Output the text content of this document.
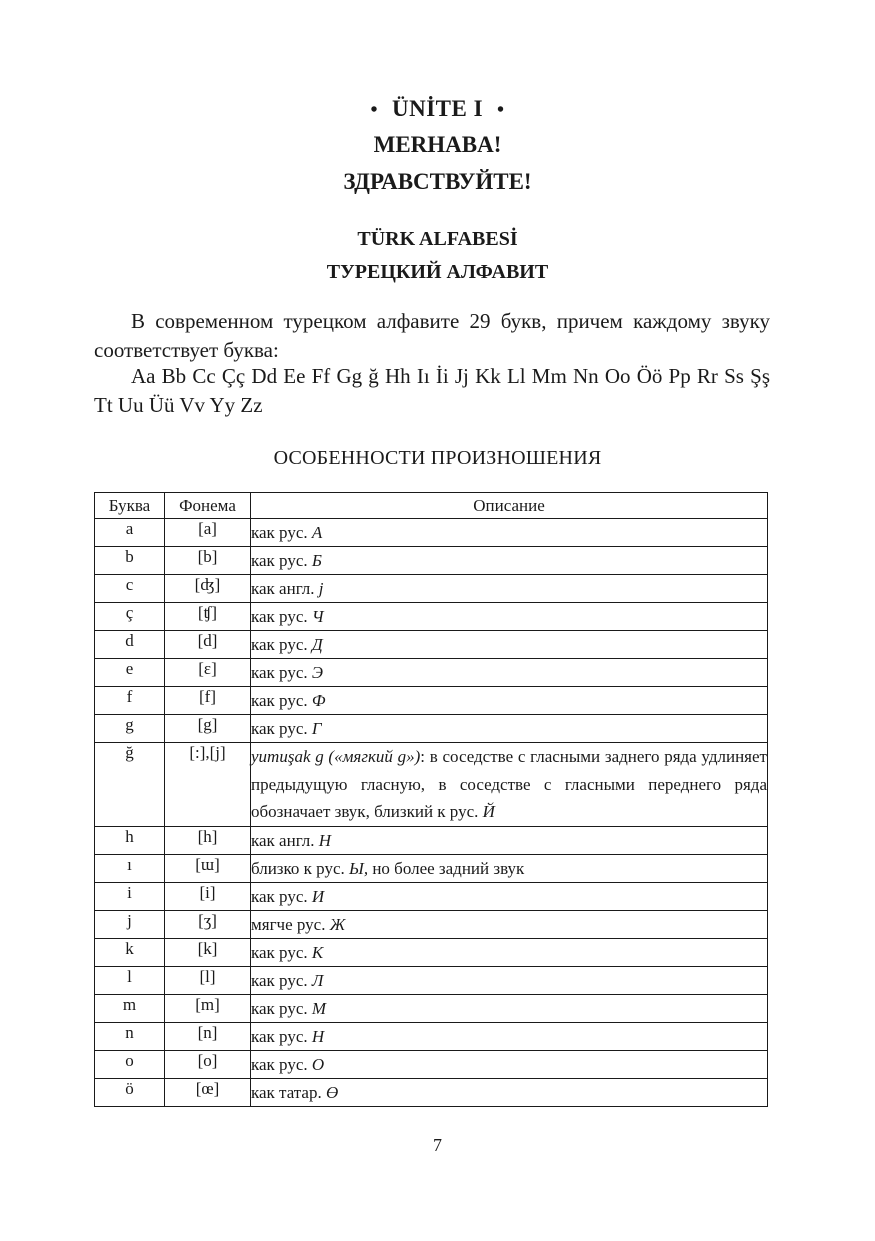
• ÜNİTE I •
MERHABA!
ЗДРАВСТВУЙТЕ!
TÜRK ALFABESİ
ТУРЕЦКИЙ АЛФАВИТ
В современном турецком алфавите 29 букв, причем каждому звуку соответствует буква:
Aa Bb Cc Çç Dd Ee Ff Gg ğ Hh Iı İi Jj Kk Ll Mm Nn Oo Öö Pp Rr Ss Şş Tt Uu Üü Vv Yy Zz
ОСОБЕННОСТИ ПРОИЗНОШЕНИЯ
Буква	Фонема	Описание
a	[a]	как рус. А
b	[b]	как рус. Б
c	[ʤ]	как англ. j
ç	[ʧ]	как рус. Ч
d	[d]	как рус. Д
e	[ɛ]	как рус. Э
f	[f]	как рус. Ф
g	[g]	как рус. Г
ğ	[:],[j]	yumuşak g («мягкий g»): в соседстве с гласными заднего ряда удлиняет предыдущую гласную, в соседстве с гласными переднего ряда обозначает звук, близкий к рус. Й
h	[h]	как англ. H
ı	[ɯ]	близко к рус. Ы, но более задний звук
i	[i]	как рус. И
j	[ʒ]	мягче рус. Ж
k	[k]	как рус. К
l	[l]	как рус. Л
m	[m]	как рус. М
n	[n]	как рус. Н
o	[o]	как рус. О
ö	[œ]	как татар. Ө
7
